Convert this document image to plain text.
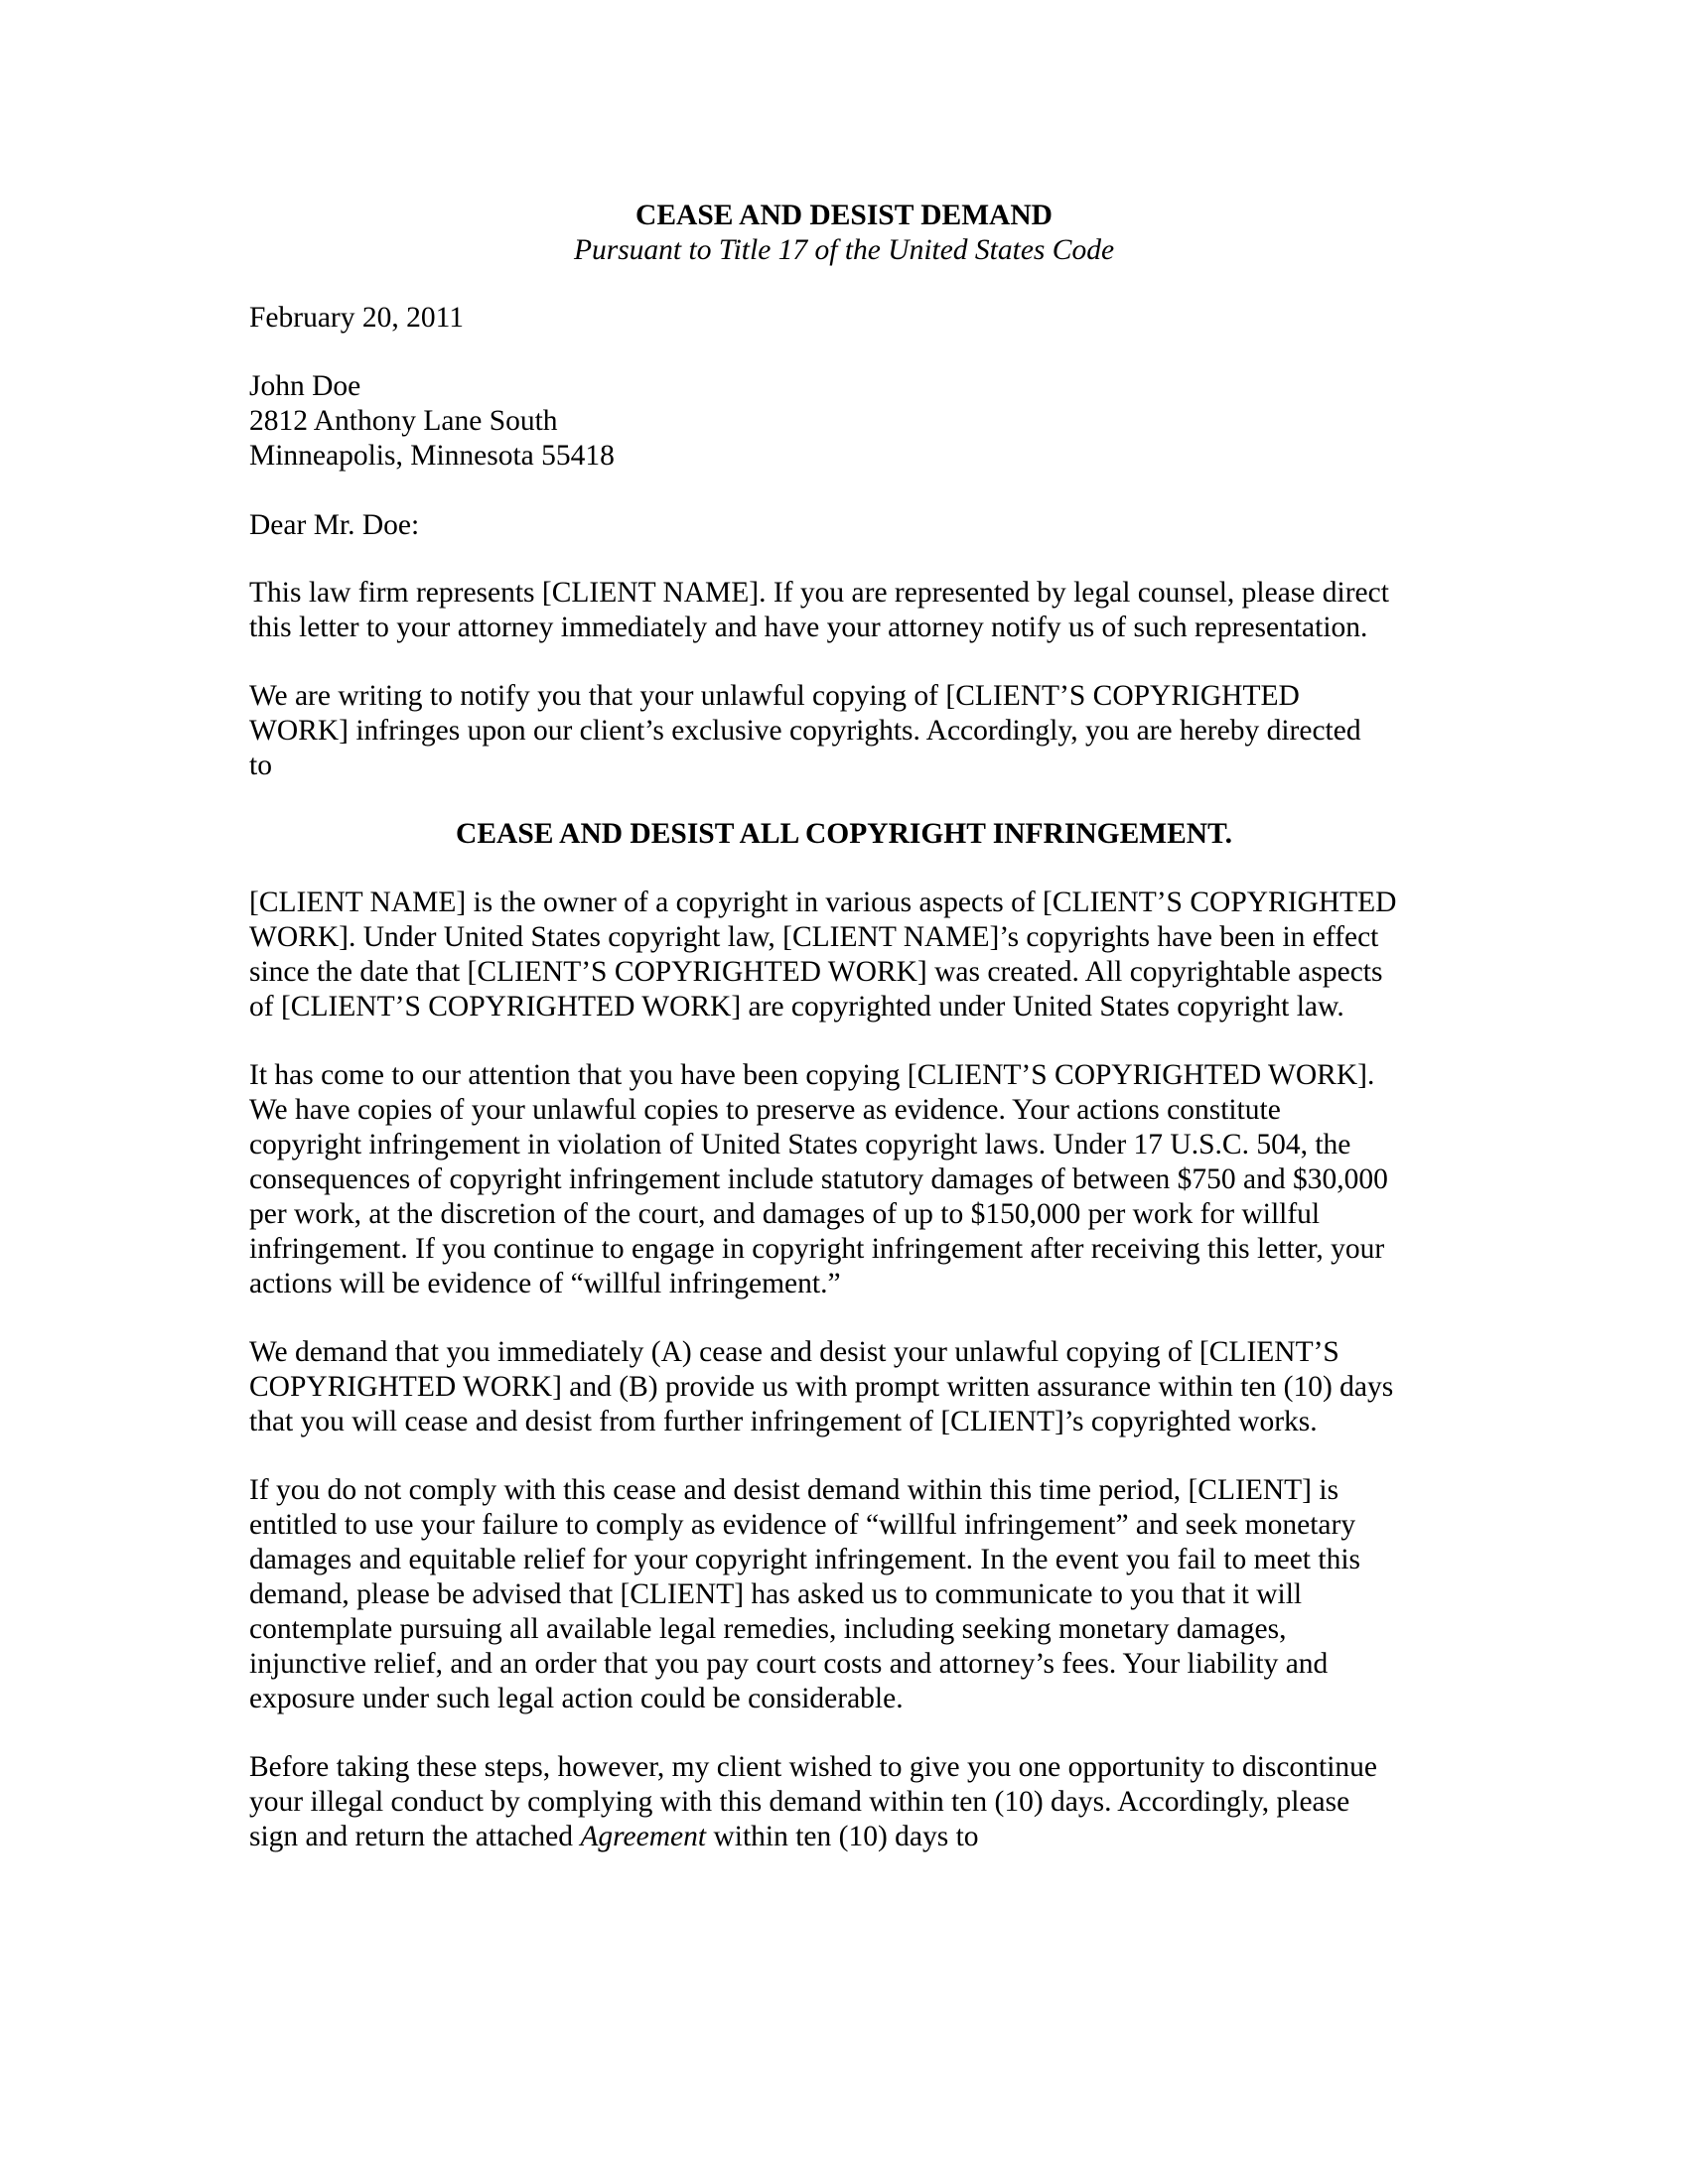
CEASE AND DESIST DEMAND
Pursuant to Title 17 of the United States Code
February 20, 2011
John Doe
2812 Anthony Lane South
Minneapolis, Minnesota 55418
Dear Mr. Doe:
This law firm represents [CLIENT NAME]. If you are represented by legal counsel, please direct
this letter to your attorney immediately and have your attorney notify us of such representation.
We are writing to notify you that your unlawful copying of [CLIENT’S COPYRIGHTED
WORK] infringes upon our client’s exclusive copyrights. Accordingly, you are hereby directed
to
CEASE AND DESIST ALL COPYRIGHT INFRINGEMENT.
[CLIENT NAME] is the owner of a copyright in various aspects of [CLIENT’S COPYRIGHTED
WORK]. Under United States copyright law, [CLIENT NAME]’s copyrights have been in effect
since the date that [CLIENT’S COPYRIGHTED WORK] was created. All copyrightable aspects
of [CLIENT’S COPYRIGHTED WORK] are copyrighted under United States copyright law.
It has come to our attention that you have been copying [CLIENT’S COPYRIGHTED WORK].
We have copies of your unlawful copies to preserve as evidence. Your actions constitute
copyright infringement in violation of United States copyright laws. Under 17 U.S.C. 504, the
consequences of copyright infringement include statutory damages of between $750 and $30,000
per work, at the discretion of the court, and damages of up to $150,000 per work for willful
infringement. If you continue to engage in copyright infringement after receiving this letter, your
actions will be evidence of “willful infringement.”
We demand that you immediately (A) cease and desist your unlawful copying of [CLIENT’S
COPYRIGHTED WORK] and (B) provide us with prompt written assurance within ten (10) days
that you will cease and desist from further infringement of [CLIENT]’s copyrighted works.
If you do not comply with this cease and desist demand within this time period, [CLIENT] is
entitled to use your failure to comply as evidence of “willful infringement” and seek monetary
damages and equitable relief for your copyright infringement. In the event you fail to meet this
demand, please be advised that [CLIENT] has asked us to communicate to you that it will
contemplate pursuing all available legal remedies, including seeking monetary damages,
injunctive relief, and an order that you pay court costs and attorney’s fees. Your liability and
exposure under such legal action could be considerable.
Before taking these steps, however, my client wished to give you one opportunity to discontinue
your illegal conduct by complying with this demand within ten (10) days. Accordingly, please
sign and return the attached Agreement within ten (10) days to
